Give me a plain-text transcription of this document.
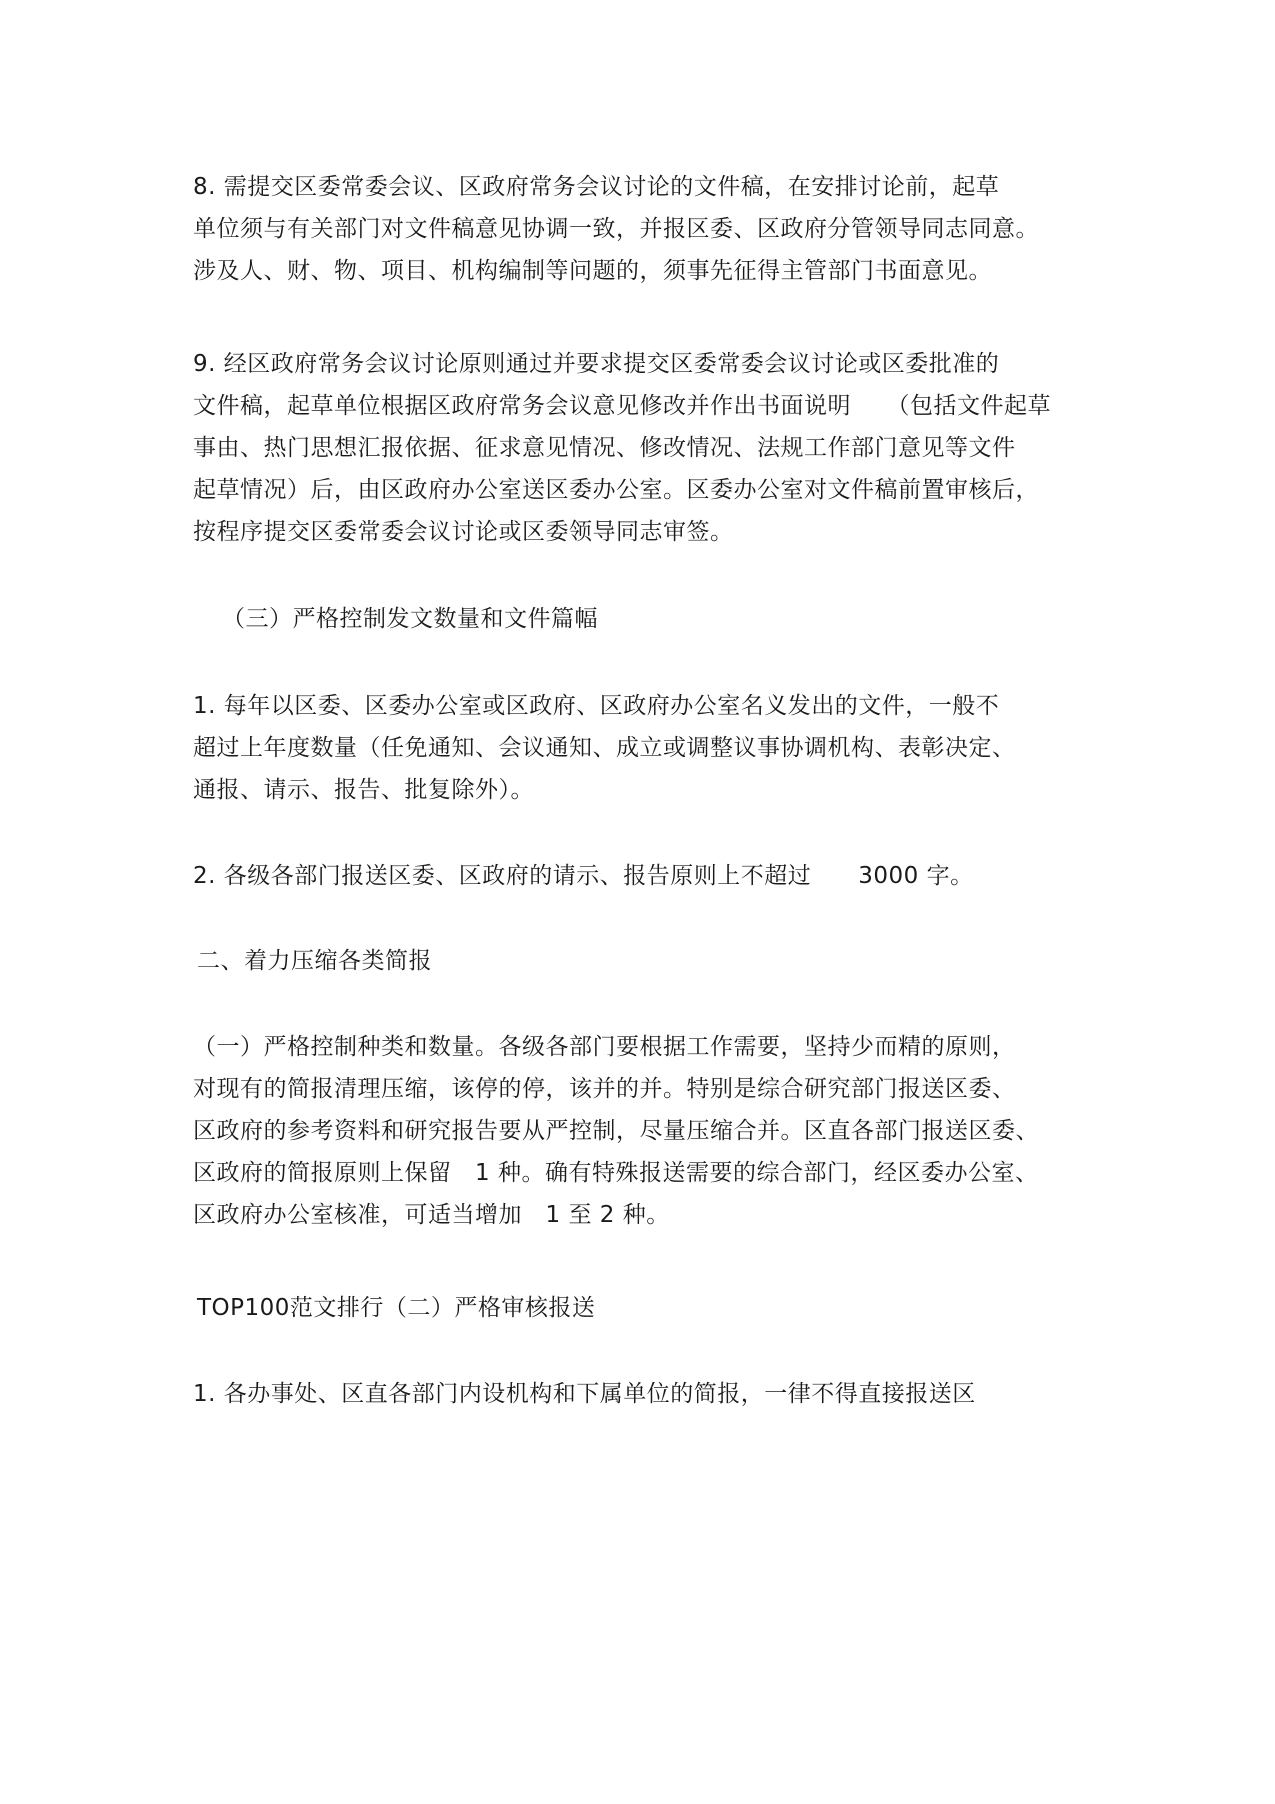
8. 需提交区委常委会议、区政府常务会议讨论的文件稿，在安排讨论前，起草
单位须与有关部门对文件稿意见协调一致，并报区委、区政府分管领导同志同意。
涉及人、财、物、项目、机构编制等问题的，须事先征得主管部门书面意见。
9. 经区政府常务会议讨论原则通过并要求提交区委常委会议讨论或区委批准的
文件稿，起草单位根据区政府常务会议意见修改并作出书面说明　　（包括文件起草
事由、热门思想汇报依据、征求意见情况、修改情况、法规工作部门意见等文件
起草情况）后，由区政府办公室送区委办公室。区委办公室对文件稿前置审核后，
按程序提交区委常委会议讨论或区委领导同志审签。
（三）严格控制发文数量和文件篇幅
1. 每年以区委、区委办公室或区政府、区政府办公室名义发出的文件，一般不
超过上年度数量（任免通知、会议通知、成立或调整议事协调机构、表彰决定、
通报、请示、报告、批复除外）。
2. 各级各部门报送区委、区政府的请示、报告原则上不超过　　3000 字。
二、着力压缩各类简报
（一）严格控制种类和数量。各级各部门要根据工作需要，坚持少而精的原则，
对现有的简报清理压缩，该停的停，该并的并。特别是综合研究部门报送区委、
区政府的参考资料和研究报告要从严控制，尽量压缩合并。区直各部门报送区委、
区政府的简报原则上保留　1 种。确有特殊报送需要的综合部门，经区委办公室、
区政府办公室核准，可适当增加　1 至 2 种。
TOP100范文排行（二）严格审核报送
1. 各办事处、区直各部门内设机构和下属单位的简报，一律不得直接报送区
